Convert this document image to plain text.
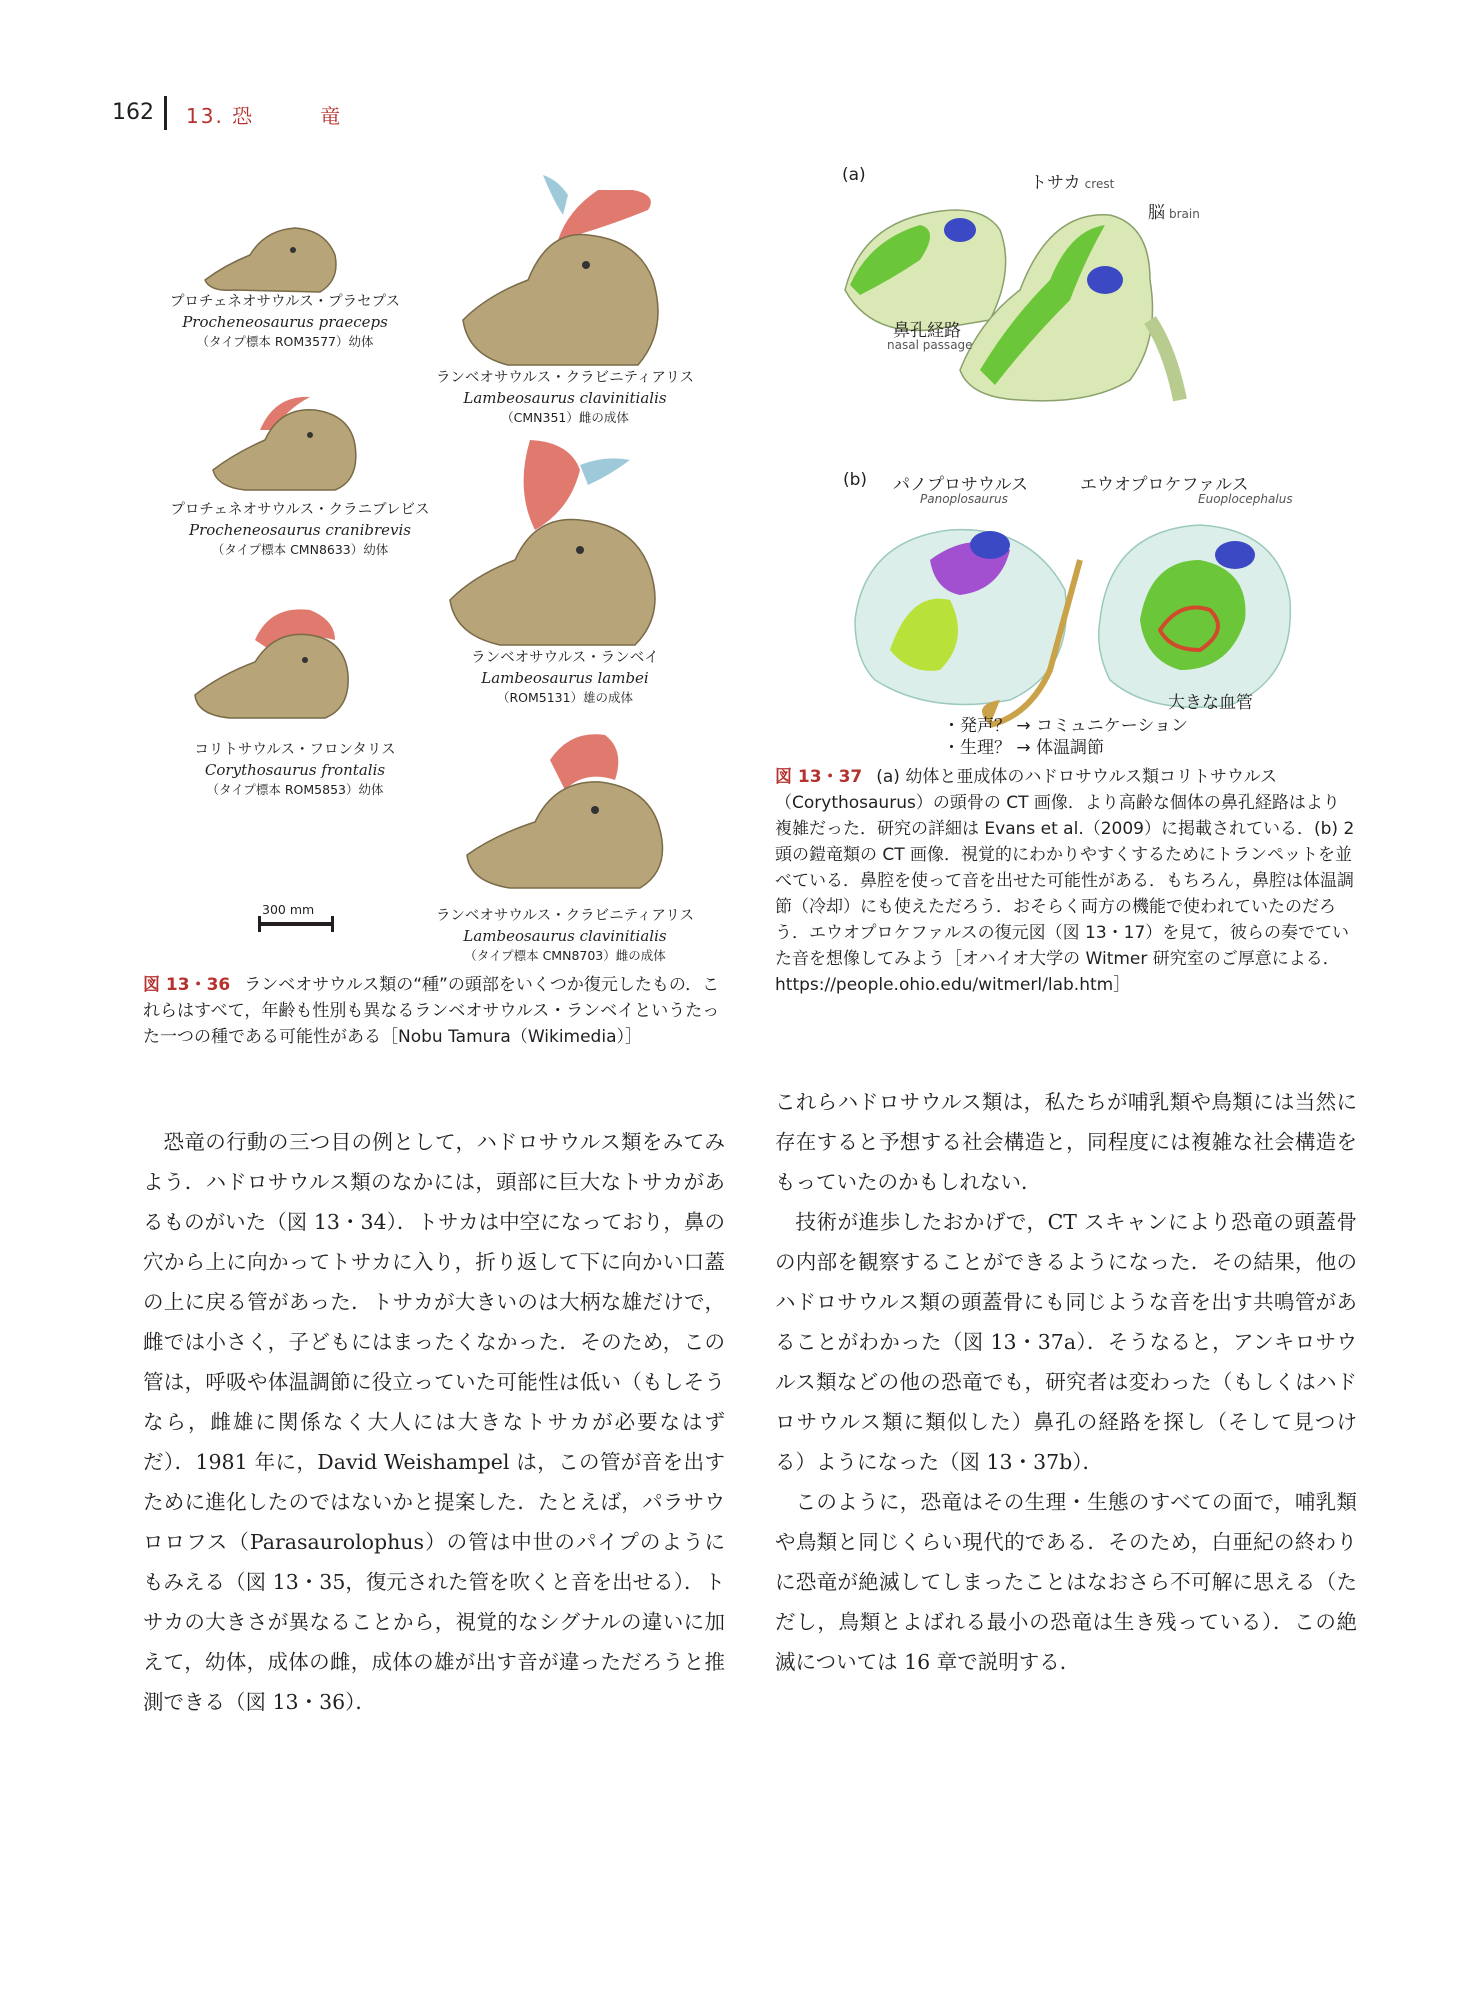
162 13. 恐　　　竜
プロチェネオサウルス・プラセプス
Procheneosaurus praeceps
（タイプ標本 ROM3577）幼体
ランベオサウルス・クラビニティアリス
Lambeosaurus clavinitialis
（CMN351）雌の成体
プロチェネオサウルス・クラニブレビス
Procheneosaurus cranibrevis
（タイプ標本 CMN8633）幼体
ランベオサウルス・ランベイ
Lambeosaurus lambei
（ROM5131）雄の成体
コリトサウルス・フロンタリス
Corythosaurus frontalis
（タイプ標本 ROM5853）幼体
ランベオサウルス・クラビニティアリス
Lambeosaurus clavinitialis
（タイプ標本 CMN8703）雌の成体
300 mm
図 13・36 ランベオサウルス類の“種”の頭部をいくつか復元したもの．これらはすべて，年齢も性別も異なるランベオサウルス・ランベイというたった一つの種である可能性がある［Nobu Tamura（Wikimedia）］
(a)	トサカ crest
脳 brain
鼻孔経路
nasal passage
(b) パノプロサウルス
Panoplosaurus
エウオプロケファルス
Euoplocephalus
大きな血管
・発声？ → コミュニケーション
・生理？ → 体温調節
図 13・37 (a) 幼体と亜成体のハドロサウルス類コリトサウルス（Corythosaurus）の頭骨の CT 画像．より高齢な個体の鼻孔経路はより複雑だった．研究の詳細は Evans et al.（2009）に掲載されている．(b) 2 頭の鎧竜類の CT 画像．視覚的にわかりやすくするためにトランペットを並べている．鼻腔を使って音を出せた可能性がある．もちろん，鼻腔は体温調節（冷却）にも使えただろう．おそらく両方の機能で使われていたのだろう．エウオプロケファルスの復元図（図 13・17）を見て，彼らの奏でていた音を想像してみよう［オハイオ大学の Witmer 研究室のご厚意による．https://people.ohio.edu/witmerl/lab.htm］

恐竜の行動の三つ目の例として，ハドロサウルス類をみてみよう．ハドロサウルス類のなかには，頭部に巨大なトサカがあるものがいた（図 13・34）．トサカは中空になっており，鼻の穴から上に向かってトサカに入り，折り返して下に向かい口蓋の上に戻る管があった．トサカが大きいのは大柄な雄だけで，雌では小さく，子どもにはまったくなかった．そのため，この管は，呼吸や体温調節に役立っていた可能性は低い（もしそうなら，雌雄に関係なく大人には大きなトサカが必要なはずだ）．1981 年に，David Weishampel は，この管が音を出すために進化したのではないかと提案した．たとえば，パラサウロロフス（Parasaurolophus）の管は中世のパイプのようにもみえる（図 13・35，復元された管を吹くと音を出せる）．トサカの大きさが異なることから，視覚的なシグナルの違いに加えて，幼体，成体の雌，成体の雄が出す音が違っただろうと推測できる（図 13・36）．

これらハドロサウルス類は，私たちが哺乳類や鳥類には当然に存在すると予想する社会構造と，同程度には複雑な社会構造をもっていたのかもしれない．

技術が進歩したおかげで，CT スキャンにより恐竜の頭蓋骨の内部を観察することができるようになった．その結果，他のハドロサウルス類の頭蓋骨にも同じような音を出す共鳴管があることがわかった（図 13・37a）．そうなると，アンキロサウルス類などの他の恐竜でも，研究者は変わった（もしくはハドロサウルス類に類似した）鼻孔の経路を探し（そして見つける）ようになった（図 13・37b）．

このように，恐竜はその生理・生態のすべての面で，哺乳類や鳥類と同じくらい現代的である．そのため，白亜紀の終わりに恐竜が絶滅してしまったことはなおさら不可解に思える（ただし，鳥類とよばれる最小の恐竜は生き残っている）．この絶滅については 16 章で説明する．
